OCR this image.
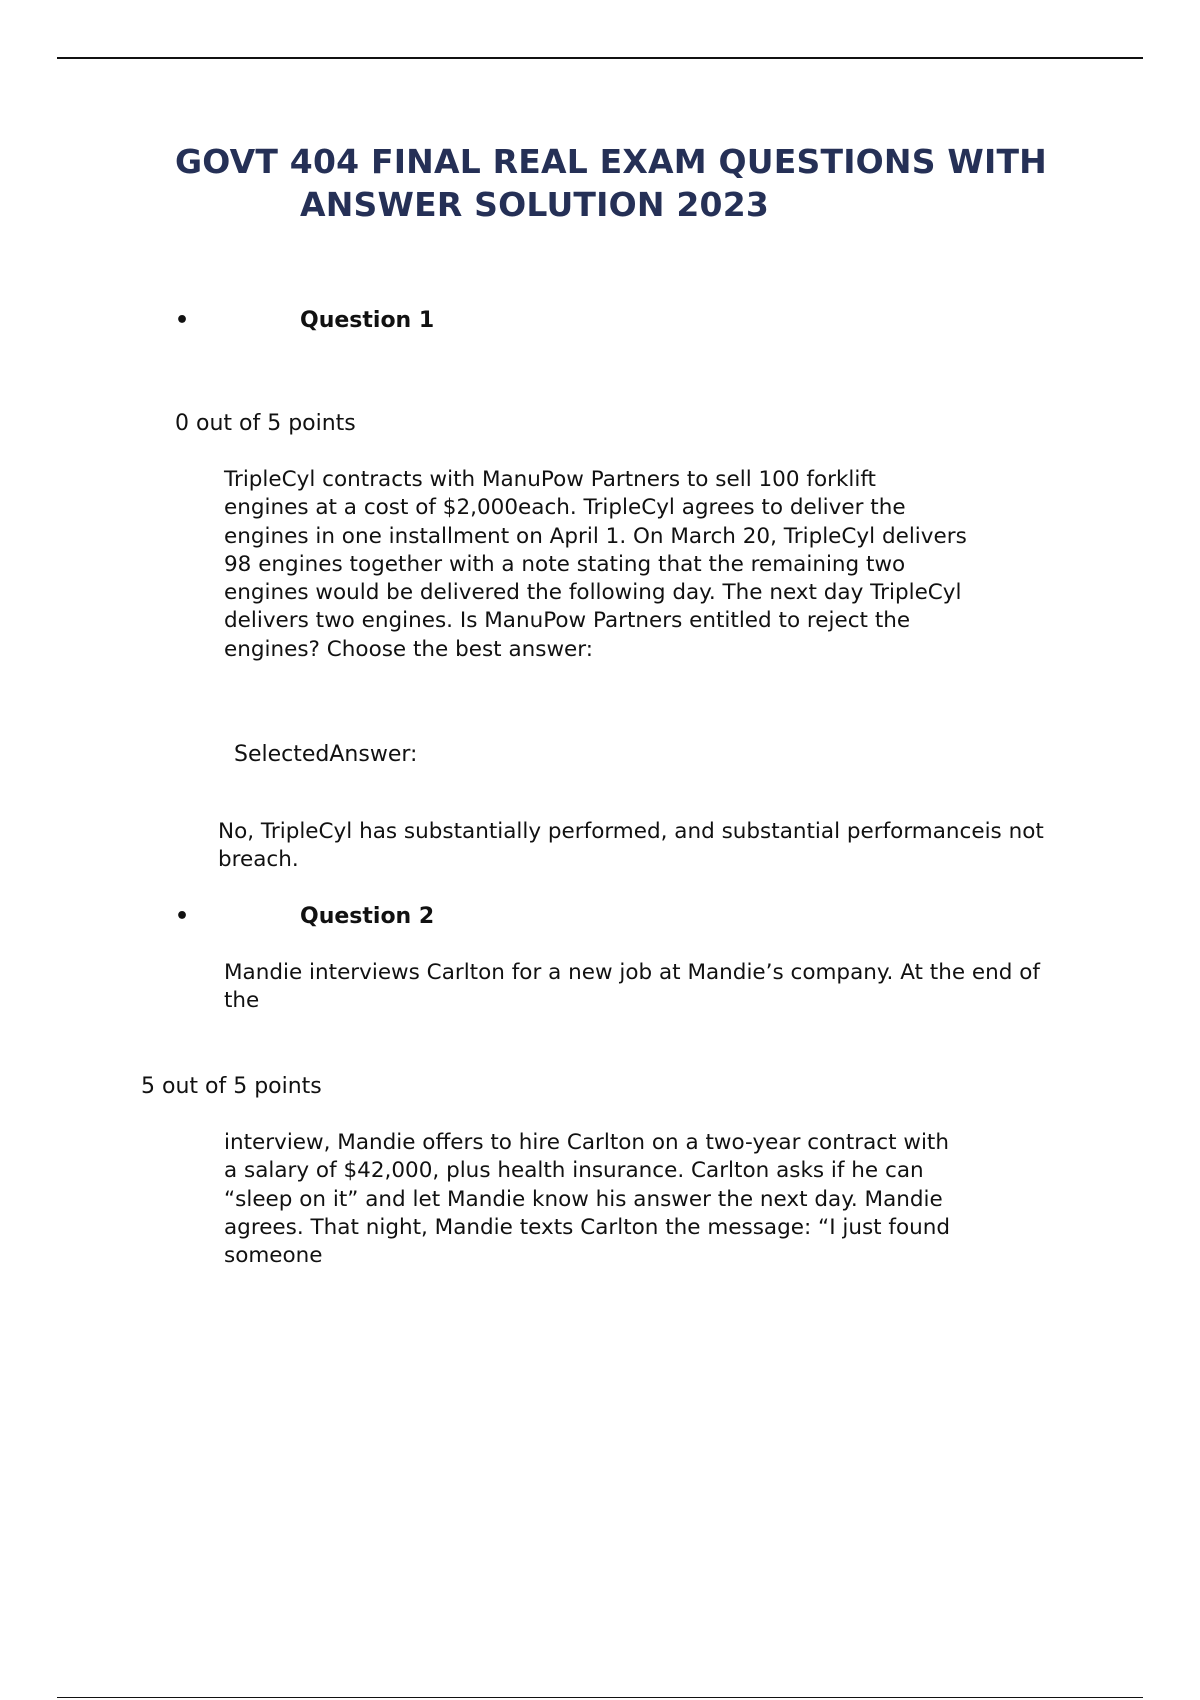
GOVT 404 FINAL REAL EXAM QUESTIONS WITH
ANSWER SOLUTION 2023
•	Question 1
0 out of 5 points
TripleCyl contracts with ManuPow Partners to sell 100 forklift
engines at a cost of $2,000each. TripleCyl agrees to deliver the
engines in one installment on April 1. On March 20, TripleCyl delivers
98 engines together with a note stating that the remaining two
engines would be delivered the following day. The next day TripleCyl
delivers two engines. Is ManuPow Partners entitled to reject the
engines? Choose the best answer:
SelectedAnswer:
No, TripleCyl has substantially performed, and substantial performanceis not
breach.
•	Question 2
Mandie interviews Carlton for a new job at Mandie’s company. At the end of
the
5 out of 5 points
interview, Mandie offers to hire Carlton on a two-year contract with
a salary of $42,000, plus health insurance. Carlton asks if he can
“sleep on it” and let Mandie know his answer the next day. Mandie
agrees. That night, Mandie texts Carlton the message: “I just found
someone
